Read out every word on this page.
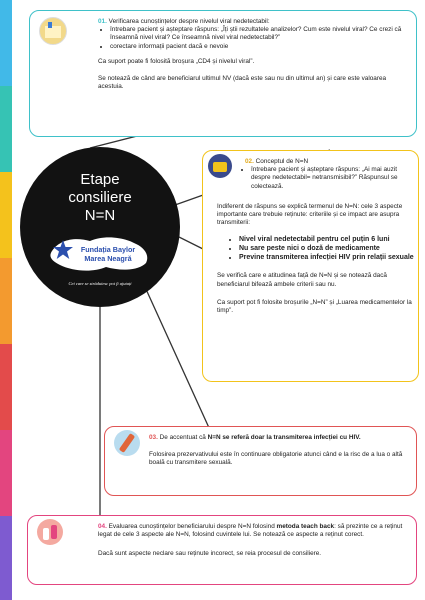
Etape
consiliere
N=N
Fundația Baylor
Marea Neagră
Cei care se străduiesc pot fi ajutați

01. Verificarea cunoștințelor despre nivelul viral nedetectabil:

• întrebare pacient și așteptare răspuns: „Îți știi rezultatele analizelor? Cum este nivelul viral? Ce crezi că înseamnă nivel viral? Ce înseamnă nivel viral nedetectabil?”
• corectare informații pacient dacă e nevoie

Ca suport poate fi folosită broșura „CD4 și nivelul viral”.

Se notează de când are beneficiarul ultimul NV (dacă este sau nu din ultimul an) și care este valoarea acestuia.

02. Conceptul de N=N

• întrebare pacient și așteptare răspuns: „Ai mai auzit despre nedetectabil= netransmisibil?” Răspunsul se colectează.

Indiferent de răspuns se explică termenul de N=N: cele 3 aspecte importante care trebuie reținute: criteriile și ce impact are asupra transmiterii:

• Nivel viral nedetectabil pentru cel puțin 6 luni
• Nu sare peste nici o doză de medicamente
• Previne transmiterea infecției HIV prin relații sexuale

Se verifică care e atitudinea față de N=N și se notează dacă beneficiarul bifează ambele criterii sau nu.

Ca suport pot fi folosite broșurile „N=N” și „Luarea medicamentelor la timp”.

03. De accentuat că N=N se referă doar la transmiterea infecției cu HIV.

Folosirea prezervativului este în continuare obligatorie atunci când e la risc de a lua o altă boală cu transmitere sexuală.

04. Evaluarea cunoștințelor beneficiarului despre N=N folosind metoda teach back: să prezinte ce a reținut legat de cele 3 aspecte ale N=N, folosind cuvintele lui. Se notează ce aspecte a reținut corect.

Dacă sunt aspecte neclare sau reținute incorect, se reia procesul de consiliere.
